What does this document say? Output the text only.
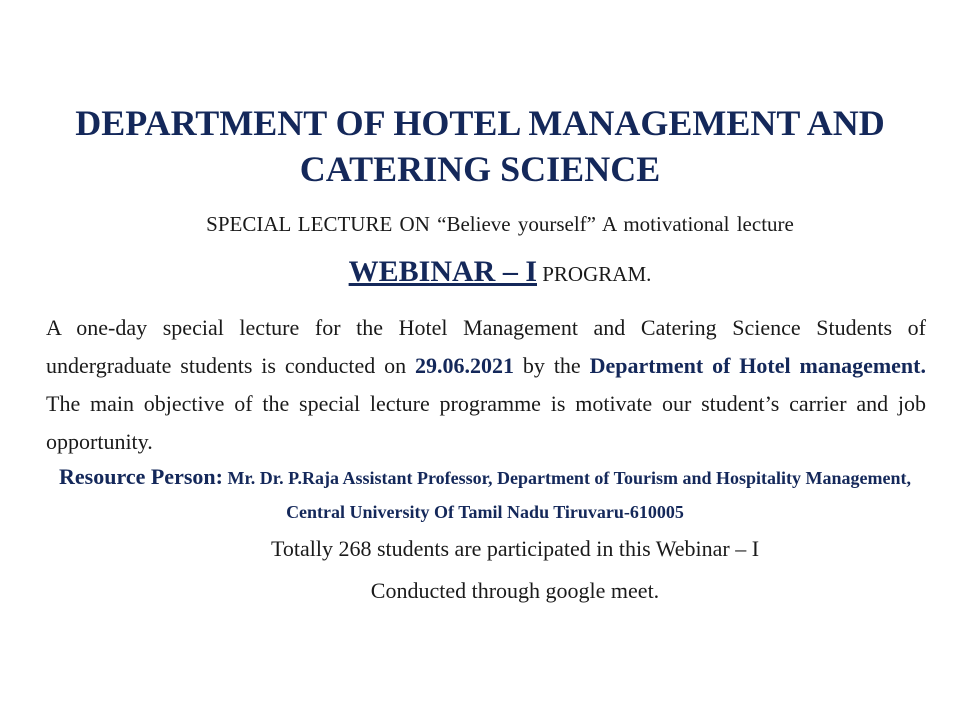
DEPARTMENT OF HOTEL MANAGEMENT AND
CATERING SCIENCE
SPECIAL LECTURE ON “Believe yourself” A motivational lecture
WEBINAR – I PROGRAM.
A one-day special lecture for the Hotel Management and Catering Science Students of undergraduate students is conducted on 29.06.2021 by the Department of Hotel management. The main objective of the special lecture programme is motivate our student’s carrier and job opportunity.
Resource Person: Mr. Dr. P.Raja Assistant Professor, Department of Tourism and Hospitality Management, Central University Of Tamil Nadu Tiruvaru-610005
Totally 268 students are participated in this Webinar – I
Conducted through google meet.
